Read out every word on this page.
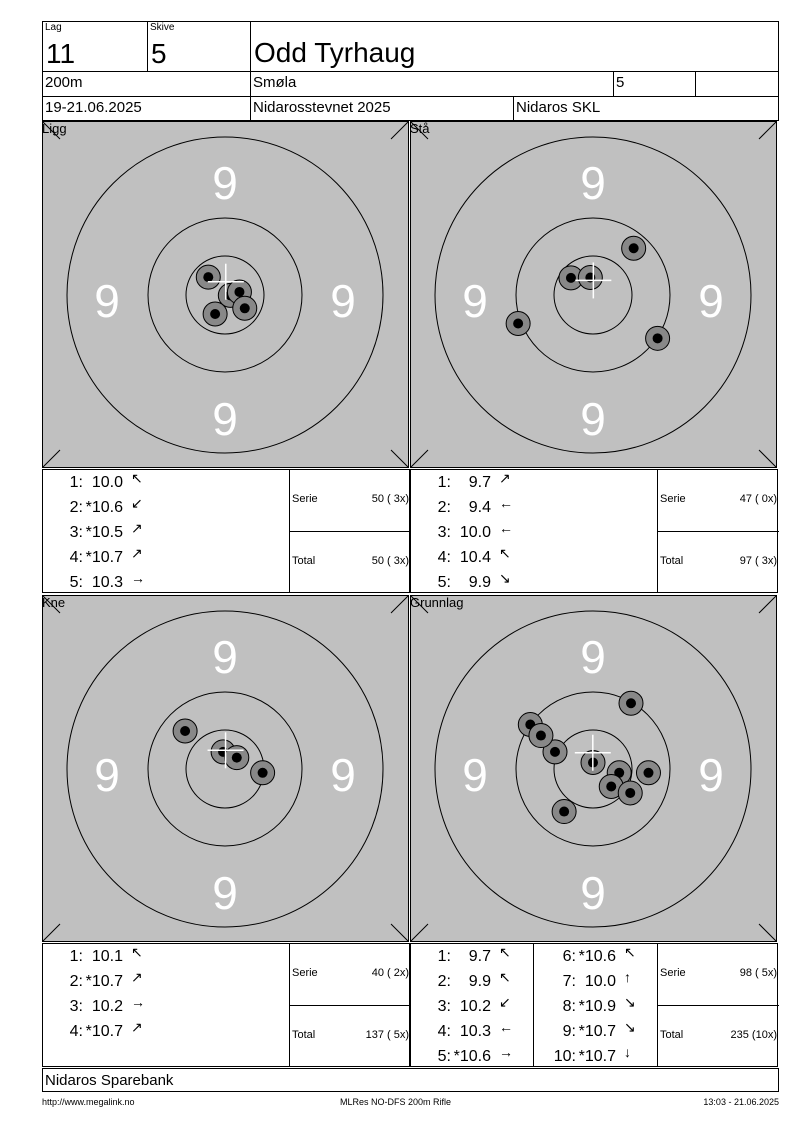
Lag
11
Skive
5	Odd Tyrhaug
200m	Smøla	5
19-21.06.2025	Nidarosstevnet 2025	Nidaros SKL
9
9
9	9
Ligg
1: 10.0 ↖
2: *10.6 ↙
3: *10.5 ↗
4: *10.7 ↗
5: 10.3 →
Serie	50 ( 3x)
Total	50 ( 3x)
9
9
9	9
Stå
1:	9.7 ↗
2:	9.4 ←
3: 10.0 ←
4: 10.4 ↖
5:	9.9 ↘
Serie	47 ( 0x)
Total	97 ( 3x)
9
9
9	9
Kne
1: 10.1 ↖
2: *10.7 ↗
3: 10.2 →
4: *10.7 ↗
Serie	40 ( 2x)
Total	137 ( 5x)
9
9
9	9
Grunnlag
1:	9.7 ↖
2:	9.9 ↖
3: 10.2 ↙
4: 10.3 ←
5: *10.6 →
6: *10.6 ↖
7: 10.0 ↑
8: *10.9 ↘
9: *10.7 ↘
10: *10.7 ↓
Serie	98 ( 5x)
Total	235 (10x)
Nidaros Sparebank
http://www.megalink.no	MLRes NO-DFS 200m Rifle	13:03 - 21.06.2025
